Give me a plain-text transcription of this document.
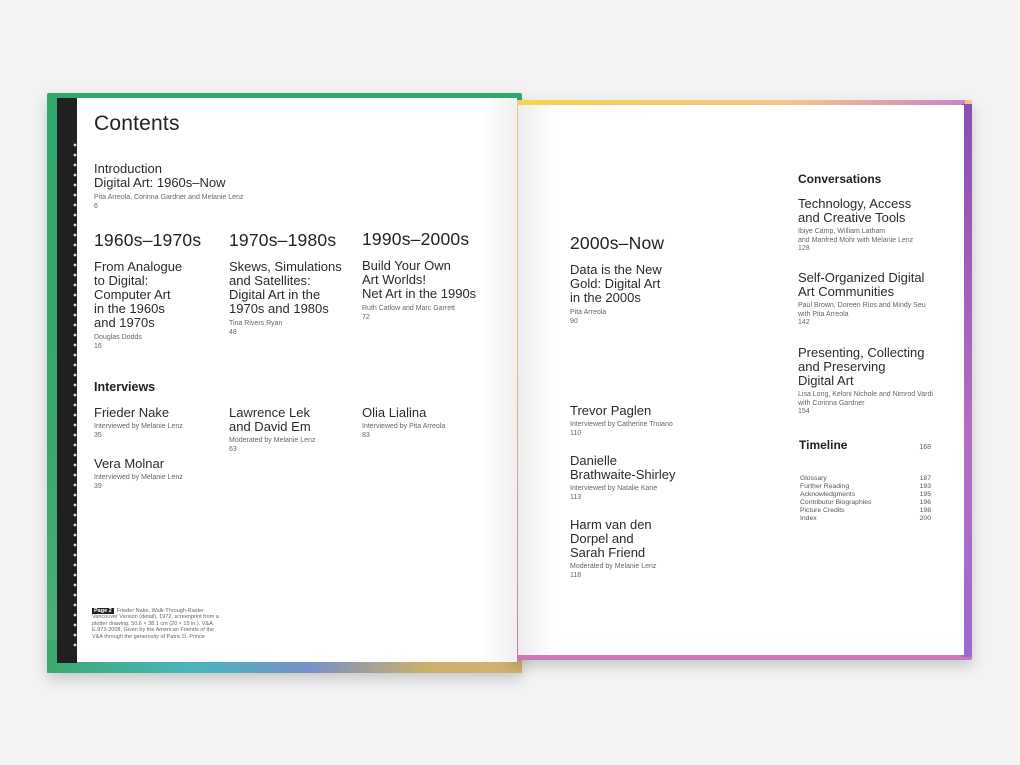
Contents
Introduction
Digital Art: 1960s–Now
Pita Arreola, Corinna Gardner and Melanie Lenz
6
1960s–1970s
From Analogue
to Digital:
Computer Art
in the 1960s
and 1970s
Douglas Dodds
16
1970s–1980s
Skews, Simulations
and Satellites:
Digital Art in the
1970s and 1980s
Tina Rivers Ryan
48
1990s–2000s
Build Your Own
Art Worlds!
Net Art in the 1990s
Ruth Catlow and Marc Garrett
72
Interviews
Frieder Nake
Interviewed by Melanie Lenz
35
Vera Molnar
Interviewed by Melanie Lenz
39
Lawrence Lek
and David Em
Moderated by Melanie Lenz
63
Olia Lialina
Interviewed by Pita Arreola
83
Page 2 Frieder Nake, Walk-Through-Raster Vancouver Version (detail), 1972, screenprint from a plotter drawing, 50.6 × 38.1 cm (20 × 15 in.). V&A: E.973-2008. Given by the American Friends of the V&A through the generosity of Patric D. Prince
2000s–Now
Data is the New
Gold: Digital Art
in the 2000s
Pita Arreola
90
Trevor Paglen
Interviewed by Catherine Troiano
110
Danielle
Brathwaite-Shirley
Interviewed by Natalie Kane
113
Harm van den
Dorpel and
Sarah Friend
Moderated by Melanie Lenz
118
Conversations
Technology, Access
and Creative Tools
Ibiye Camp, William Latham
and Manfred Mohr with Melanie Lenz
128
Self-Organized Digital
Art Communities
Paul Brown, Doreen Ríos and Mindy Seu
with Pita Arreola
142
Presenting, Collecting
and Preserving
Digital Art
Lisa Long, Keloni Nichole and Nimrod Vardi
with Corinna Gardner
154
Timeline	168
Glossary	187
Further Reading	193
Acknowledgments	195
Contributor Biographies	196
Picture Credits	198
Index	200
